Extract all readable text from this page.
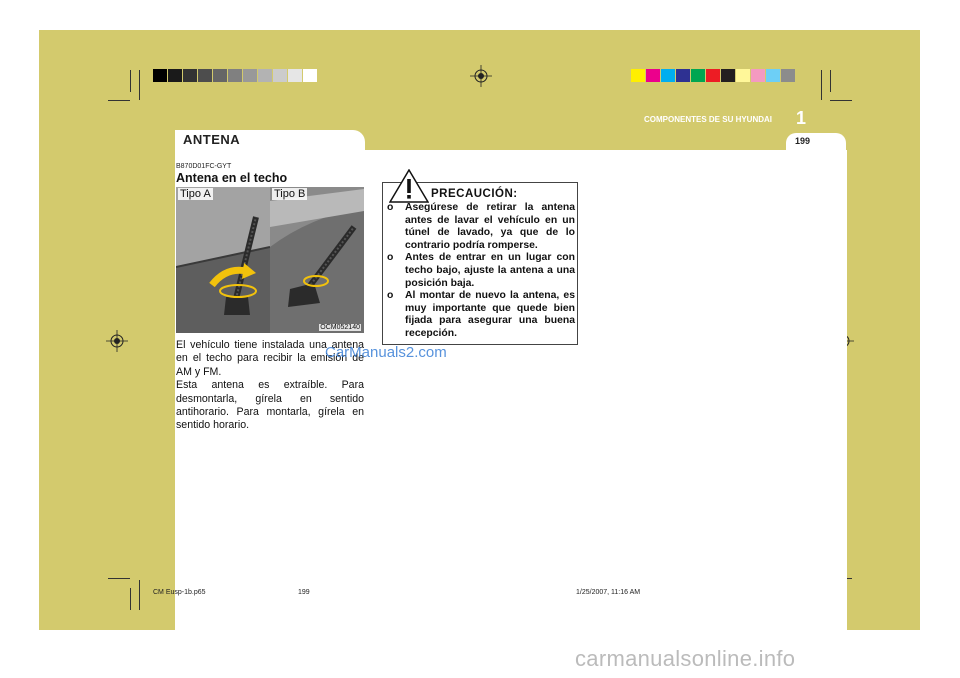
COMPONENTES DE SU HYUNDAI 1
ANTENA	199
B870D01FC-GYT
Antena en el techo
Tipo A	Tipo B
OCM052140

El vehículo tiene instalada una antena en el techo para recibir la emisión de AM y FM.

Esta antena es extraíble. Para desmontarla, gírela en sentido antihorario. Para montarla, gírela en sentido horario.

PRECAUCIÓN:
o Asegúrese de retirar la antena antes de lavar el vehículo en un túnel de lavado, ya que de lo contrario podría romperse.
o Antes de entrar en un lugar con techo bajo, ajuste la antena a una posición baja.
o Al montar de nuevo la antena, es muy importante que quede bien fijada para asegurar una buena recepción.
CarManuals2.com
CM Eusp-1b.p65	199	1/25/2007, 11:16 AM
carmanualsonline.info
